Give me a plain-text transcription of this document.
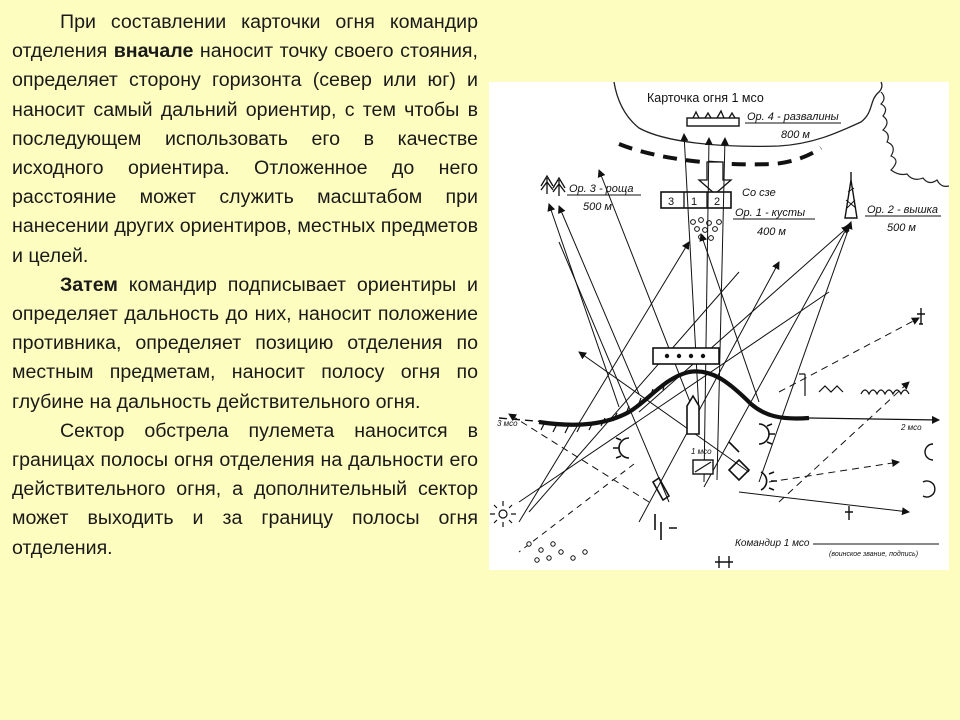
При составлении карточки огня командир отделения вначале наносит точку своего стояния, определяет сторону горизонта (север или юг) и наносит самый дальний ориентир, с тем чтобы в последующем использовать его в качестве исходного ориентира. Отложенное до него расстояние может служить масштабом при нанесении других ориентиров, местных предметов и целей.

Затем командир подписывает ориентиры и определяет дальность до них, наносит положение противника, определяет позицию отделения по местным предметам, наносит полосу огня по глубине на дальность действительного огня.

Сектор обстрела пулемета наносится в границах полосы огня отделения на дальности его действительного огня, а дополнительный сектор может выходить и за границу полосы огня отделения.

Карточка огня 1 мсо
Ор. 4 - развалины
800 м
Ор. 3 - роща
500 м	3 1 2
Со сзе
Ор. 1 - кусты
400 м
Ор. 2 - вышка
500 м
3 мсо	2 мсо
1 мсо
Командир 1 мсо
(воинское звание, подпись)
